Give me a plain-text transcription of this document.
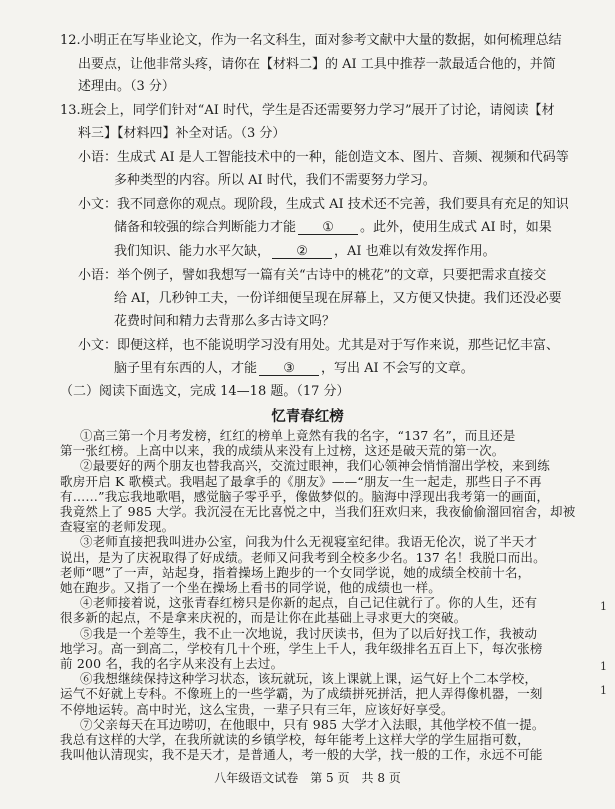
12.小明正在写毕业论文，作为一名文科生，面对参考文献中大量的数据，如何梳理总结
出要点，让他非常头疼，请你在【材料二】的 AI 工具中推荐一款最适合他的，并简
述理由。（3 分）
13.班会上，同学们针对“AI 时代，学生是否还需要努力学习”展开了讨论，请阅读【材
料三】【材料四】补全对话。（3 分）
小语：生成式 AI 是人工智能技术中的一种，能创造文本、图片、音频、视频和代码等
多种类型的内容。所以 AI 时代，我们不需要努力学习。
小文：我不同意你的观点。现阶段，生成式 AI 技术还不完善，我们要具有充足的知识
储备和较强的综合判断能力才能 ① 。此外，使用生成式 AI 时，如果
我们知识、能力水平欠缺， ② ，AI 也难以有效发挥作用。
小语：举个例子，譬如我想写一篇有关“古诗中的桃花”的文章，只要把需求直接交
给 AI，几秒钟工夫，一份详细便呈现在屏幕上，又方便又快捷。我们还没必要
花费时间和精力去背那么多古诗文吗？
小文：即便这样，也不能说明学习没有用处。尤其是对于写作来说，那些记忆丰富、
脑子里有东西的人，才能 ③ ，写出 AI 不会写的文章。
（二）阅读下面选文，完成 14—18 题。（17 分）
忆青春红榜
①高三第一个月考发榜，红红的榜单上竟然有我的名字，“137 名”，而且还是
第一张红榜。上高中以来，我的成绩从来没有上过榜，这还是破天荒的第一次。
②最要好的两个朋友也替我高兴，交流过眼神，我们心领神会悄悄溜出学校，来到练
歌房开启 K 歌模式。我唱起了最拿手的《朋友》——“朋友一生一起走，那些日子不再
有……”我忘我地歌唱，感觉脑子零乎乎，像做梦似的。脑海中浮现出我考第一的画面，
我竟然上了 985 大学。我沉浸在无比喜悦之中，当我们狂欢归来，我夜偷偷溜回宿舍，却被
查寝室的老师发现。
③老师直接把我叫进办公室，问我为什么无视寝室纪律。我语无伦次，说了半天才
说出，是为了庆祝取得了好成绩。老师又问我考到全校多少名。137 名！我脱口而出。
老师“嗯”了一声，站起身，指着操场上跑步的一个女同学说，她的成绩全校前十名，
她在跑步。又指了一个坐在操场上看书的同学说，他的成绩也一样。
④老师接着说，这张青春红榜只是你新的起点，自己记住就行了。你的人生，还有
很多新的起点，不是拿来庆祝的，而是让你在此基础上寻求更大的突破。
⑤我是一个差等生，我不止一次地说，我讨厌读书，但为了以后好找工作，我被动
地学习。高一到高二，学校有几十个班，学生上千人，我年级排名五百上下，每次张榜
前 200 名，我的名字从来没有上去过。
⑥我想继续保持这种学习状态，该玩就玩，该上课就上课，运气好上个二本学校，
运气不好就上专科。不像班上的一些学霸，为了成绩拼死拼活，把人弄得像机器，一刻
不停地运转。高中时光，这么宝贵，一辈子只有三年，应该好好享受。
⑦父亲每天在耳边唠叨，在他眼中，只有 985 大学才入法眼，其他学校不值一提。
我总有这样的大学，在我所就读的乡镇学校，每年能考上这样大学的学生屈指可数，
我叫他认清现实，我不是天才，是普通人，考一般的大学，找一般的工作，永远不可能
八年级语文试卷　第 5 页　共 8 页
1
1
1
